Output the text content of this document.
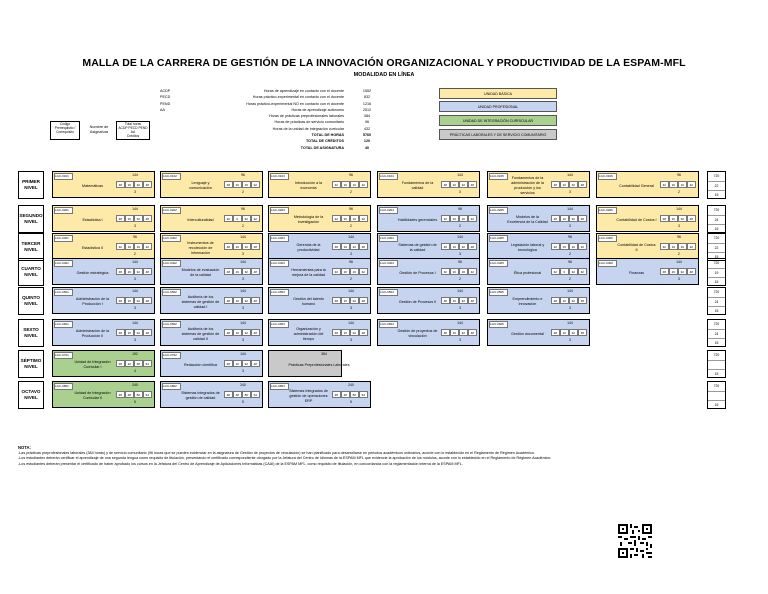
MALLA DE LA CARRERA DE GESTIÓN DE LA INNOVACIÓN ORGANIZACIONAL Y PRODUCTIVIDAD DE LA ESPAM-MFL
MODALIDAD EN LÍNEA
ACDP	Horas de aprendizaje en contacto con el docente	1552
PECD	Horas práctico-experimental en contacto con el docente	832
PEND	Horas práctico-experimental NO en contacto con el docente	1216
AA	Horas de aprendizaje autónomo	2512
Horas de prácticas preprofesionales laborales	384
Horas de prácticas de servicio comunitario	96
Horas de la unidad de integración curricular	432
TOTAL DE HORAS	5760
TOTAL DE CRÉDITOS	120
TOTAL DE ASIGNATURA	40
UNIDAD BÁSICA
UNIDAD PROFESIONAL
UNIDAD DE INTEGRACIÓN CURRICULAR
PRÁCTICAS LABORALES Y DE SERVICIO COMUNITARIO
Código
Prerrequisito / Correquisito
Nombre de Asignatura
Total horas
ACDP PECD PEND AA
Créditos
PRIMER NIVEL
LGC-0101
Matemáticas
144
48	16	32	48
3
LGC-0102
Lenguaje y comunicación
96
48	16	16	32
2
LGC-0103
Introducción a la economía
96
32	16	16	32
2
LGC-0104
Fundamentos de la calidad
144
48	16	32	48
3
LGC-0105	Fundamentos de la administración de la producción y los servicios
144
48	16	32	48
3
LGC-0106
Contabilidad General
96
32	16	16	32
2
720
22
15
SEGUNDO NIVEL
LGC-0201
Estadística I
144
48	16	32	48
3
LGC-0202
Interculturalidad
96
32	0	32	32
2
LGC-0203
Metodología de la investigación
96
32	16	16	32
2
LGC-0204
Habilidades gerenciales
96
32	16	16	32
2
LGC-0205
Modelos de la Excelencia de la Calidad
144
48	16	32	48
3
LGC-0206
Contabilidad de Costos I
144
48	16	32	48
3
720
24
15
TERCER NIVEL
LGC-0301
Estadística II
96
32	16	16	32
2
LGC-0302
Instrumentos de recolección de información
144
48	16	32	48
3
LGC-0303
Gerencia de la productividad
144
48	16	32	48
3
LGC-0304
Sistemas de gestión de la calidad
144
48	16	32	48
3
LGC-0305
Legislación laboral y tecnológica
96
32	16	16	32
2
LGC-0306
Contabilidad de Costos II
96
32	16	16	32
2
720
22
15
CUARTO NIVEL
LGC-0401
Gestión estratégica
144
48	16	32	48
3
LGC-0402
Modelos de evaluación de la calidad
144
48	16	32	48
3
LGC-0403
Herramientas para la mejora de la calidad
96
32	16	16	32
2
LGC-0404
Gestión de Procesos I
96
32	16	16	32
2
LGC-0405
Ética profesional
96
32	0	32	32
2
LGC-0406
Finanzas
144
48	16	32	48
3
720
19
15
QUINTO NIVEL
LGC-0501
Administración de la Producción I
144
48	16	32	48
3
LGC-0502
Auditoría de los sistemas de gestión de calidad I
144
48	16	32	48
3
LGC-0503
Gestión del talento humano
144
48	16	32	48
3
LGC-0504
Gestión de Procesos II
144
48	16	32	48
3
LGC-0505
Emprendimiento e innovación
144
48	16	32	48
3
720
24
15
SEXTO NIVEL
LGC-0601
Administración de la Producción II
144
48	16	32	48
3
LGC-0602
Auditoría de los sistemas de gestión de calidad II
144
48	16	32	48
3
LGC-0603
Organización y administración del tiempo
144
48	16	32	48
3
LGC-0604
Gestión de proyectos de vinculación
144
48	16	32	48
3
LGC-0605
Gestión documental
144
48	16	32	48
3
720
24
15
SÉPTIMO NIVEL
LGC-0701
Unidad de Integración Curricular I
192
48	32	48	64
4
LGC-0702
Redacción científica
144
48	16	32	48
3
Prácticas Preprofesionales Laborales
384	720
15
OCTAVO NIVEL
LGC-0801
Unidad de Integración Curricular II
240
48	48	80	64
5
LGC-0802
Sistemas integrados de gestión de calidad
240
48	48	80	64
5
LGC-0803
Sistemas Integrados de gestión de operaciones ERP
240
48	48	80	64
5
720
15
NOTA:
-Las prácticas preprofesionales laborales (384 horas) y de servicio comunitario (96 horas que se pueden evidenciar en la asignatura de Gestión de proyectos de vinculación) se han planificado para desarrollarse en periodos académicos ordinarios, acorde con lo establecido en el Reglamento de Régimen Académico.
-Los estudiantes deberán certificar el aprendizaje de una segunda lengua como requisito de titulación, presentando el certificado correspondiente otorgado por la Jefatura del Centro de Idiomas de la ESPAM MFL que evidencie la aprobación de los módulos, acorde con lo establecido en el Reglamento de Régimen Académico.
-Los estudiantes deberán presentar el certificado de haber aprobado los cursos en la Jefatura del Centro de Aprendizaje de Aplicaciones Informáticas (CAAI) de la ESPAM MFL, como requisito de titulación, en concordancia con la reglamentación interna de la ESPAM MFL.
